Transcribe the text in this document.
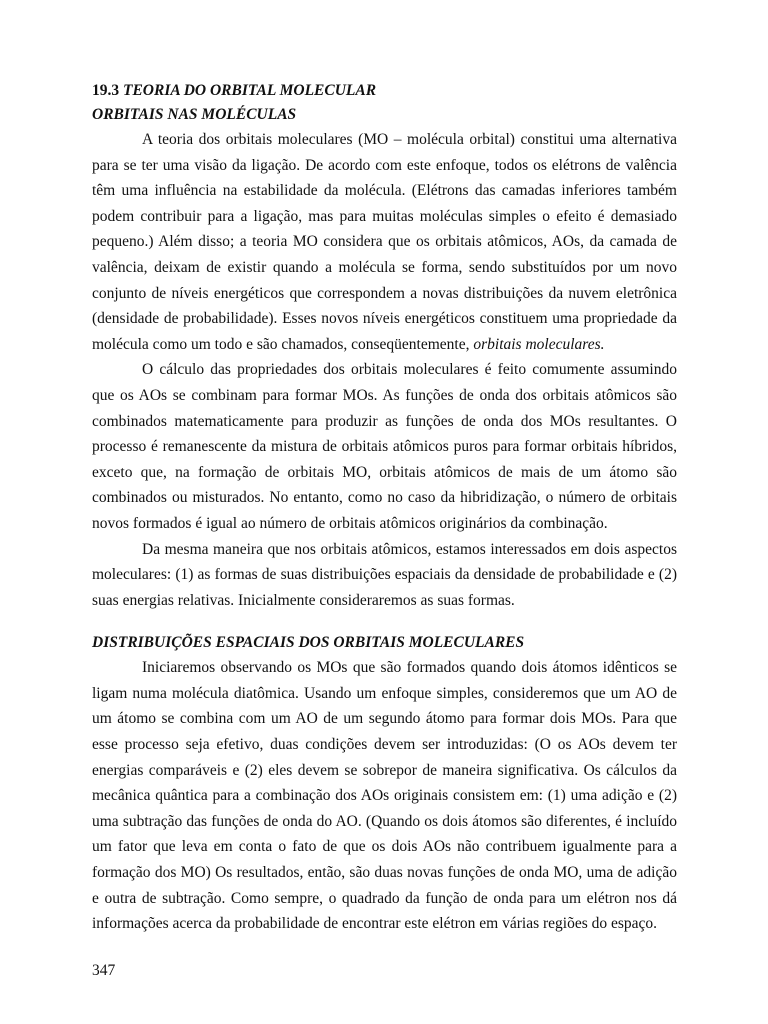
19.3 TEORIA DO ORBITAL MOLECULAR
ORBITAIS NAS MOLÉCULAS

A teoria dos orbitais moleculares (MO – molécula orbital) constitui uma alternativa para se ter uma visão da ligação. De acordo com este enfoque, todos os elétrons de valência têm uma influência na estabilidade da molécula. (Elétrons das camadas inferiores também podem contribuir para a ligação, mas para muitas moléculas simples o efeito é demasiado pequeno.) Além disso; a teoria MO considera que os orbitais atômicos, AOs, da camada de valência, deixam de existir quando a molécula se forma, sendo substituídos por um novo conjunto de níveis energéticos que correspondem a novas distribuições da nuvem eletrônica (densidade de probabilidade). Esses novos níveis energéticos constituem uma propriedade da molécula como um todo e são chamados, conseqüentemente, orbitais moleculares.

O cálculo das propriedades dos orbitais moleculares é feito comumente assumindo que os AOs se combinam para formar MOs. As funções de onda dos orbitais atômicos são combinados matematicamente para produzir as funções de onda dos MOs resultantes. O processo é remanescente da mistura de orbitais atômicos puros para formar orbitais híbridos, exceto que, na formação de orbitais MO, orbitais atômicos de mais de um átomo são combinados ou misturados. No entanto, como no caso da hibridização, o número de orbitais novos formados é igual ao número de orbitais atômicos originários da combinação.

Da mesma maneira que nos orbitais atômicos, estamos interessados em dois aspectos moleculares: (1) as formas de suas distribuições espaciais da densidade de probabilidade e (2) suas energias relativas. Inicialmente consideraremos as suas formas.

DISTRIBUIÇÕES ESPACIAIS DOS ORBITAIS MOLECULARES

Iniciaremos observando os MOs que são formados quando dois átomos idênticos se ligam numa molécula diatômica. Usando um enfoque simples, consideremos que um AO de um átomo se combina com um AO de um segundo átomo para formar dois MOs. Para que esse processo seja efetivo, duas condições devem ser introduzidas: (O os AOs devem ter energias comparáveis e (2) eles devem se sobrepor de maneira significativa. Os cálculos da mecânica quântica para a combinação dos AOs originais consistem em: (1) uma adição e (2) uma subtração das funções de onda do AO. (Quando os dois átomos são diferentes, é incluído um fator que leva em conta o fato de que os dois AOs não contribuem igualmente para a formação dos MO) Os resultados, então, são duas novas funções de onda MO, uma de adição e outra de subtração. Como sempre, o quadrado da função de onda para um elétron nos dá informações acerca da probabilidade de encontrar este elétron em várias regiões do espaço.

347
